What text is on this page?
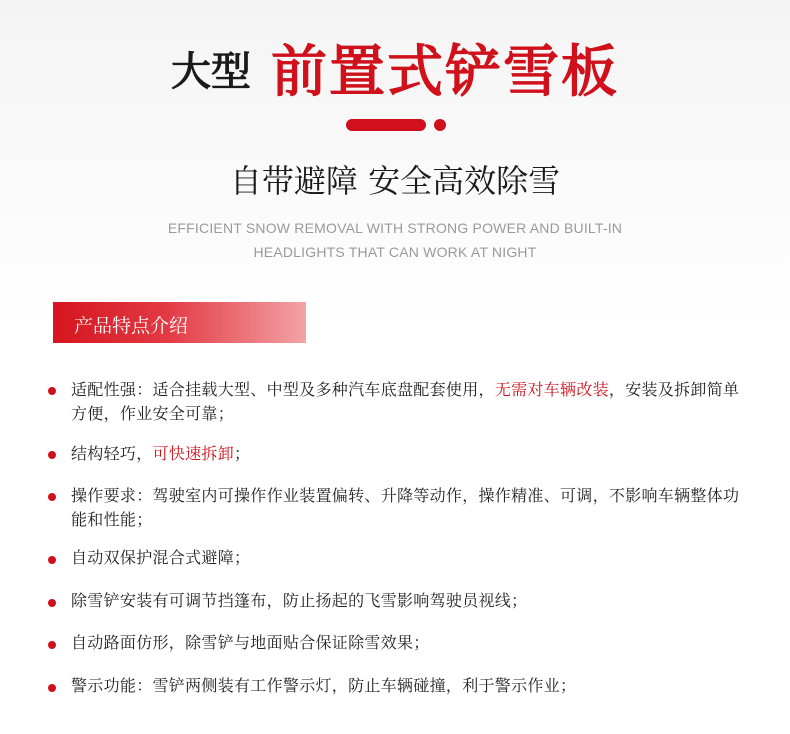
大型 前置式铲雪板
自带避障 安全高效除雪
EFFICIENT SNOW REMOVAL WITH STRONG POWER AND BUILT-IN
HEADLIGHTS THAT CAN WORK AT NIGHT
产品特点介绍
适配性强：适合挂载大型、中型及多种汽车底盘配套使用，无需对车辆改装，安装及拆卸简单方便，作业安全可靠；
结构轻巧，可快速拆卸；
操作要求：驾驶室内可操作作业装置偏转、升降等动作，操作精准、可调，不影响车辆整体功能和性能；
自动双保护混合式避障；
除雪铲安装有可调节挡篷布，防止扬起的飞雪影响驾驶员视线；
自动路面仿形，除雪铲与地面贴合保证除雪效果；
警示功能：雪铲两侧装有工作警示灯，防止车辆碰撞，利于警示作业；
